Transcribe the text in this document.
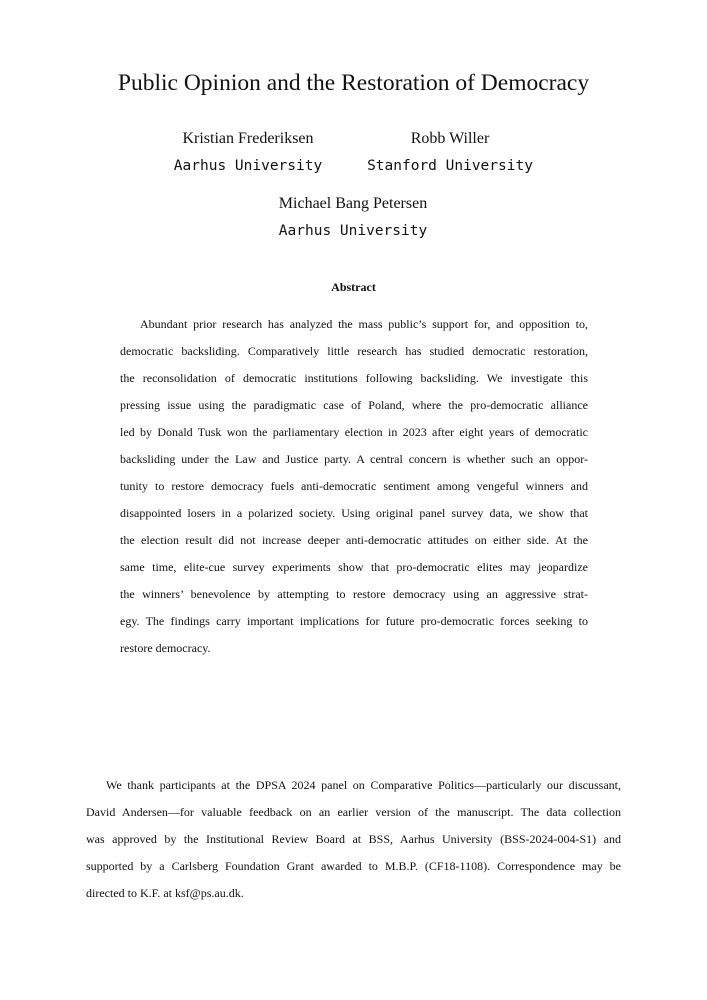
Public Opinion and the Restoration of Democracy
Kristian Frederiksen
Aarhus University
Robb Willer
Stanford University
Michael Bang Petersen
Aarhus University
Abstract
Abundant prior research has analyzed the mass public’s support for, and opposition to,
democratic backsliding. Comparatively little research has studied democratic restoration,
the reconsolidation of democratic institutions following backsliding. We investigate this
pressing issue using the paradigmatic case of Poland, where the pro-democratic alliance
led by Donald Tusk won the parliamentary election in 2023 after eight years of democratic
backsliding under the Law and Justice party. A central concern is whether such an oppor-
tunity to restore democracy fuels anti-democratic sentiment among vengeful winners and
disappointed losers in a polarized society. Using original panel survey data, we show that
the election result did not increase deeper anti-democratic attitudes on either side. At the
same time, elite-cue survey experiments show that pro-democratic elites may jeopardize
the winners’ benevolence by attempting to restore democracy using an aggressive strat-
egy. The findings carry important implications for future pro-democratic forces seeking to
restore democracy.
We thank participants at the DPSA 2024 panel on Comparative Politics—particularly our discussant,
David Andersen—for valuable feedback on an earlier version of the manuscript. The data collection
was approved by the Institutional Review Board at BSS, Aarhus University (BSS-2024-004-S1) and
supported by a Carlsberg Foundation Grant awarded to M.B.P. (CF18-1108). Correspondence may be
directed to K.F. at ksf@ps.au.dk.
